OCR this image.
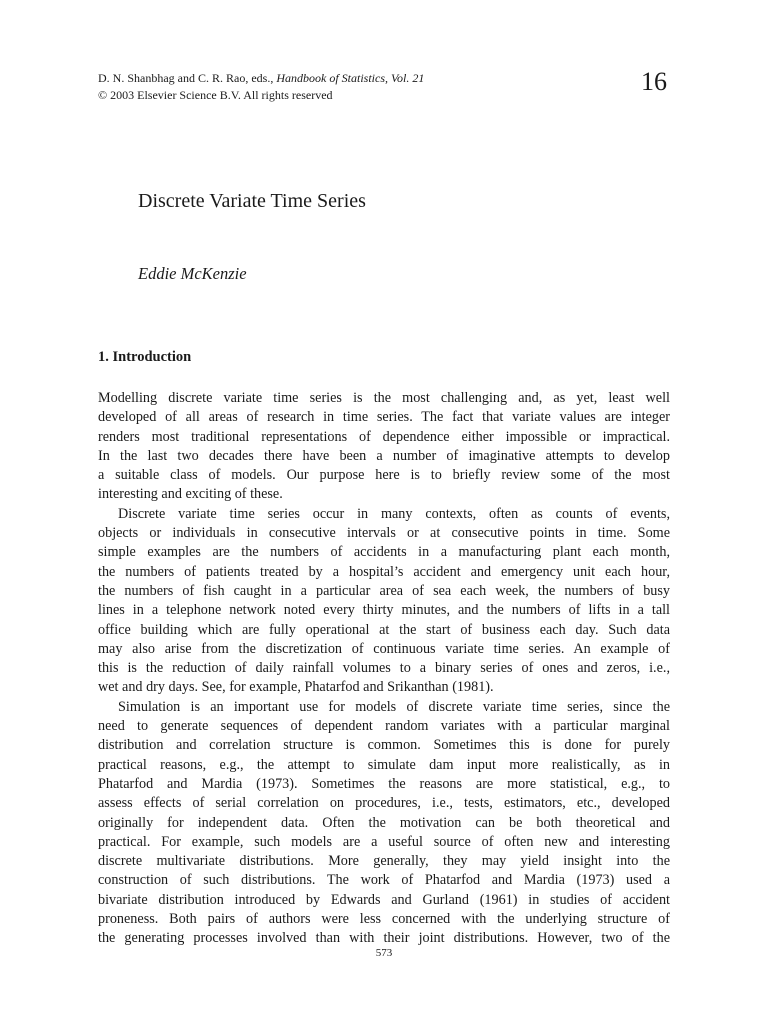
D. N. Shanbhag and C. R. Rao, eds., Handbook of Statistics, Vol. 21
© 2003 Elsevier Science B.V. All rights reserved	16
Discrete Variate Time Series
Eddie McKenzie
1. Introduction
Modelling discrete variate time series is the most challenging and, as yet, least well
developed of all areas of research in time series. The fact that variate values are integer
renders most traditional representations of dependence either impossible or impractical.
In the last two decades there have been a number of imaginative attempts to develop
a suitable class of models. Our purpose here is to briefly review some of the most
interesting and exciting of these.
Discrete variate time series occur in many contexts, often as counts of events,
objects or individuals in consecutive intervals or at consecutive points in time. Some
simple examples are the numbers of accidents in a manufacturing plant each month,
the numbers of patients treated by a hospital’s accident and emergency unit each hour,
the numbers of fish caught in a particular area of sea each week, the numbers of busy
lines in a telephone network noted every thirty minutes, and the numbers of lifts in a tall
office building which are fully operational at the start of business each day. Such data
may also arise from the discretization of continuous variate time series. An example of
this is the reduction of daily rainfall volumes to a binary series of ones and zeros, i.e.,
wet and dry days. See, for example, Phatarfod and Srikanthan (1981).
Simulation is an important use for models of discrete variate time series, since the
need to generate sequences of dependent random variates with a particular marginal
distribution and correlation structure is common. Sometimes this is done for purely
practical reasons, e.g., the attempt to simulate dam input more realistically, as in
Phatarfod and Mardia (1973). Sometimes the reasons are more statistical, e.g., to
assess effects of serial correlation on procedures, i.e., tests, estimators, etc., developed
originally for independent data. Often the motivation can be both theoretical and
practical. For example, such models are a useful source of often new and interesting
discrete multivariate distributions. More generally, they may yield insight into the
construction of such distributions. The work of Phatarfod and Mardia (1973) used a
bivariate distribution introduced by Edwards and Gurland (1961) in studies of accident
proneness. Both pairs of authors were less concerned with the underlying structure of
the generating processes involved than with their joint distributions. However, two of the
573
